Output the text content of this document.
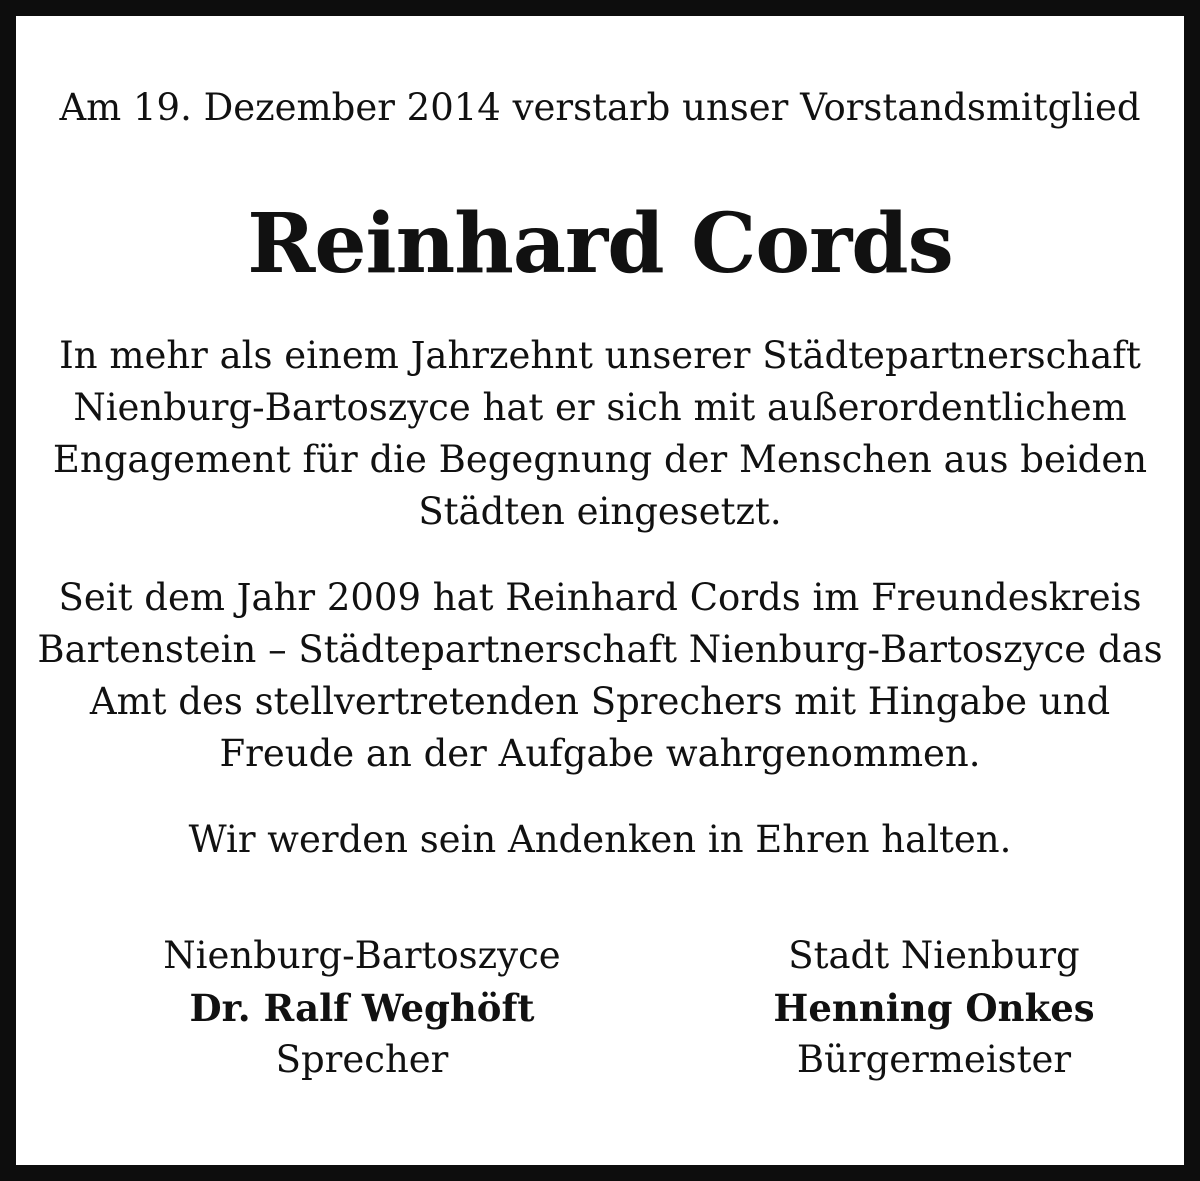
Am 19. Dezember 2014 verstarb unser Vorstandsmitglied
Reinhard Cords
In mehr als einem Jahrzehnt unserer Städtepartnerschaft
Nienburg-Bartoszyce hat er sich mit außerordentlichem
Engagement für die Begegnung der Menschen aus beiden
Städten eingesetzt.
Seit dem Jahr 2009 hat Reinhard Cords im Freundeskreis
Bartenstein – Städtepartnerschaft Nienburg-Bartoszyce das
Amt des stellvertretenden Sprechers mit Hingabe und
Freude an der Aufgabe wahrgenommen.
Wir werden sein Andenken in Ehren halten.
Nienburg-Bartoszyce
Dr. Ralf Weghöft
Sprecher
Stadt Nienburg
Henning Onkes
Bürgermeister
